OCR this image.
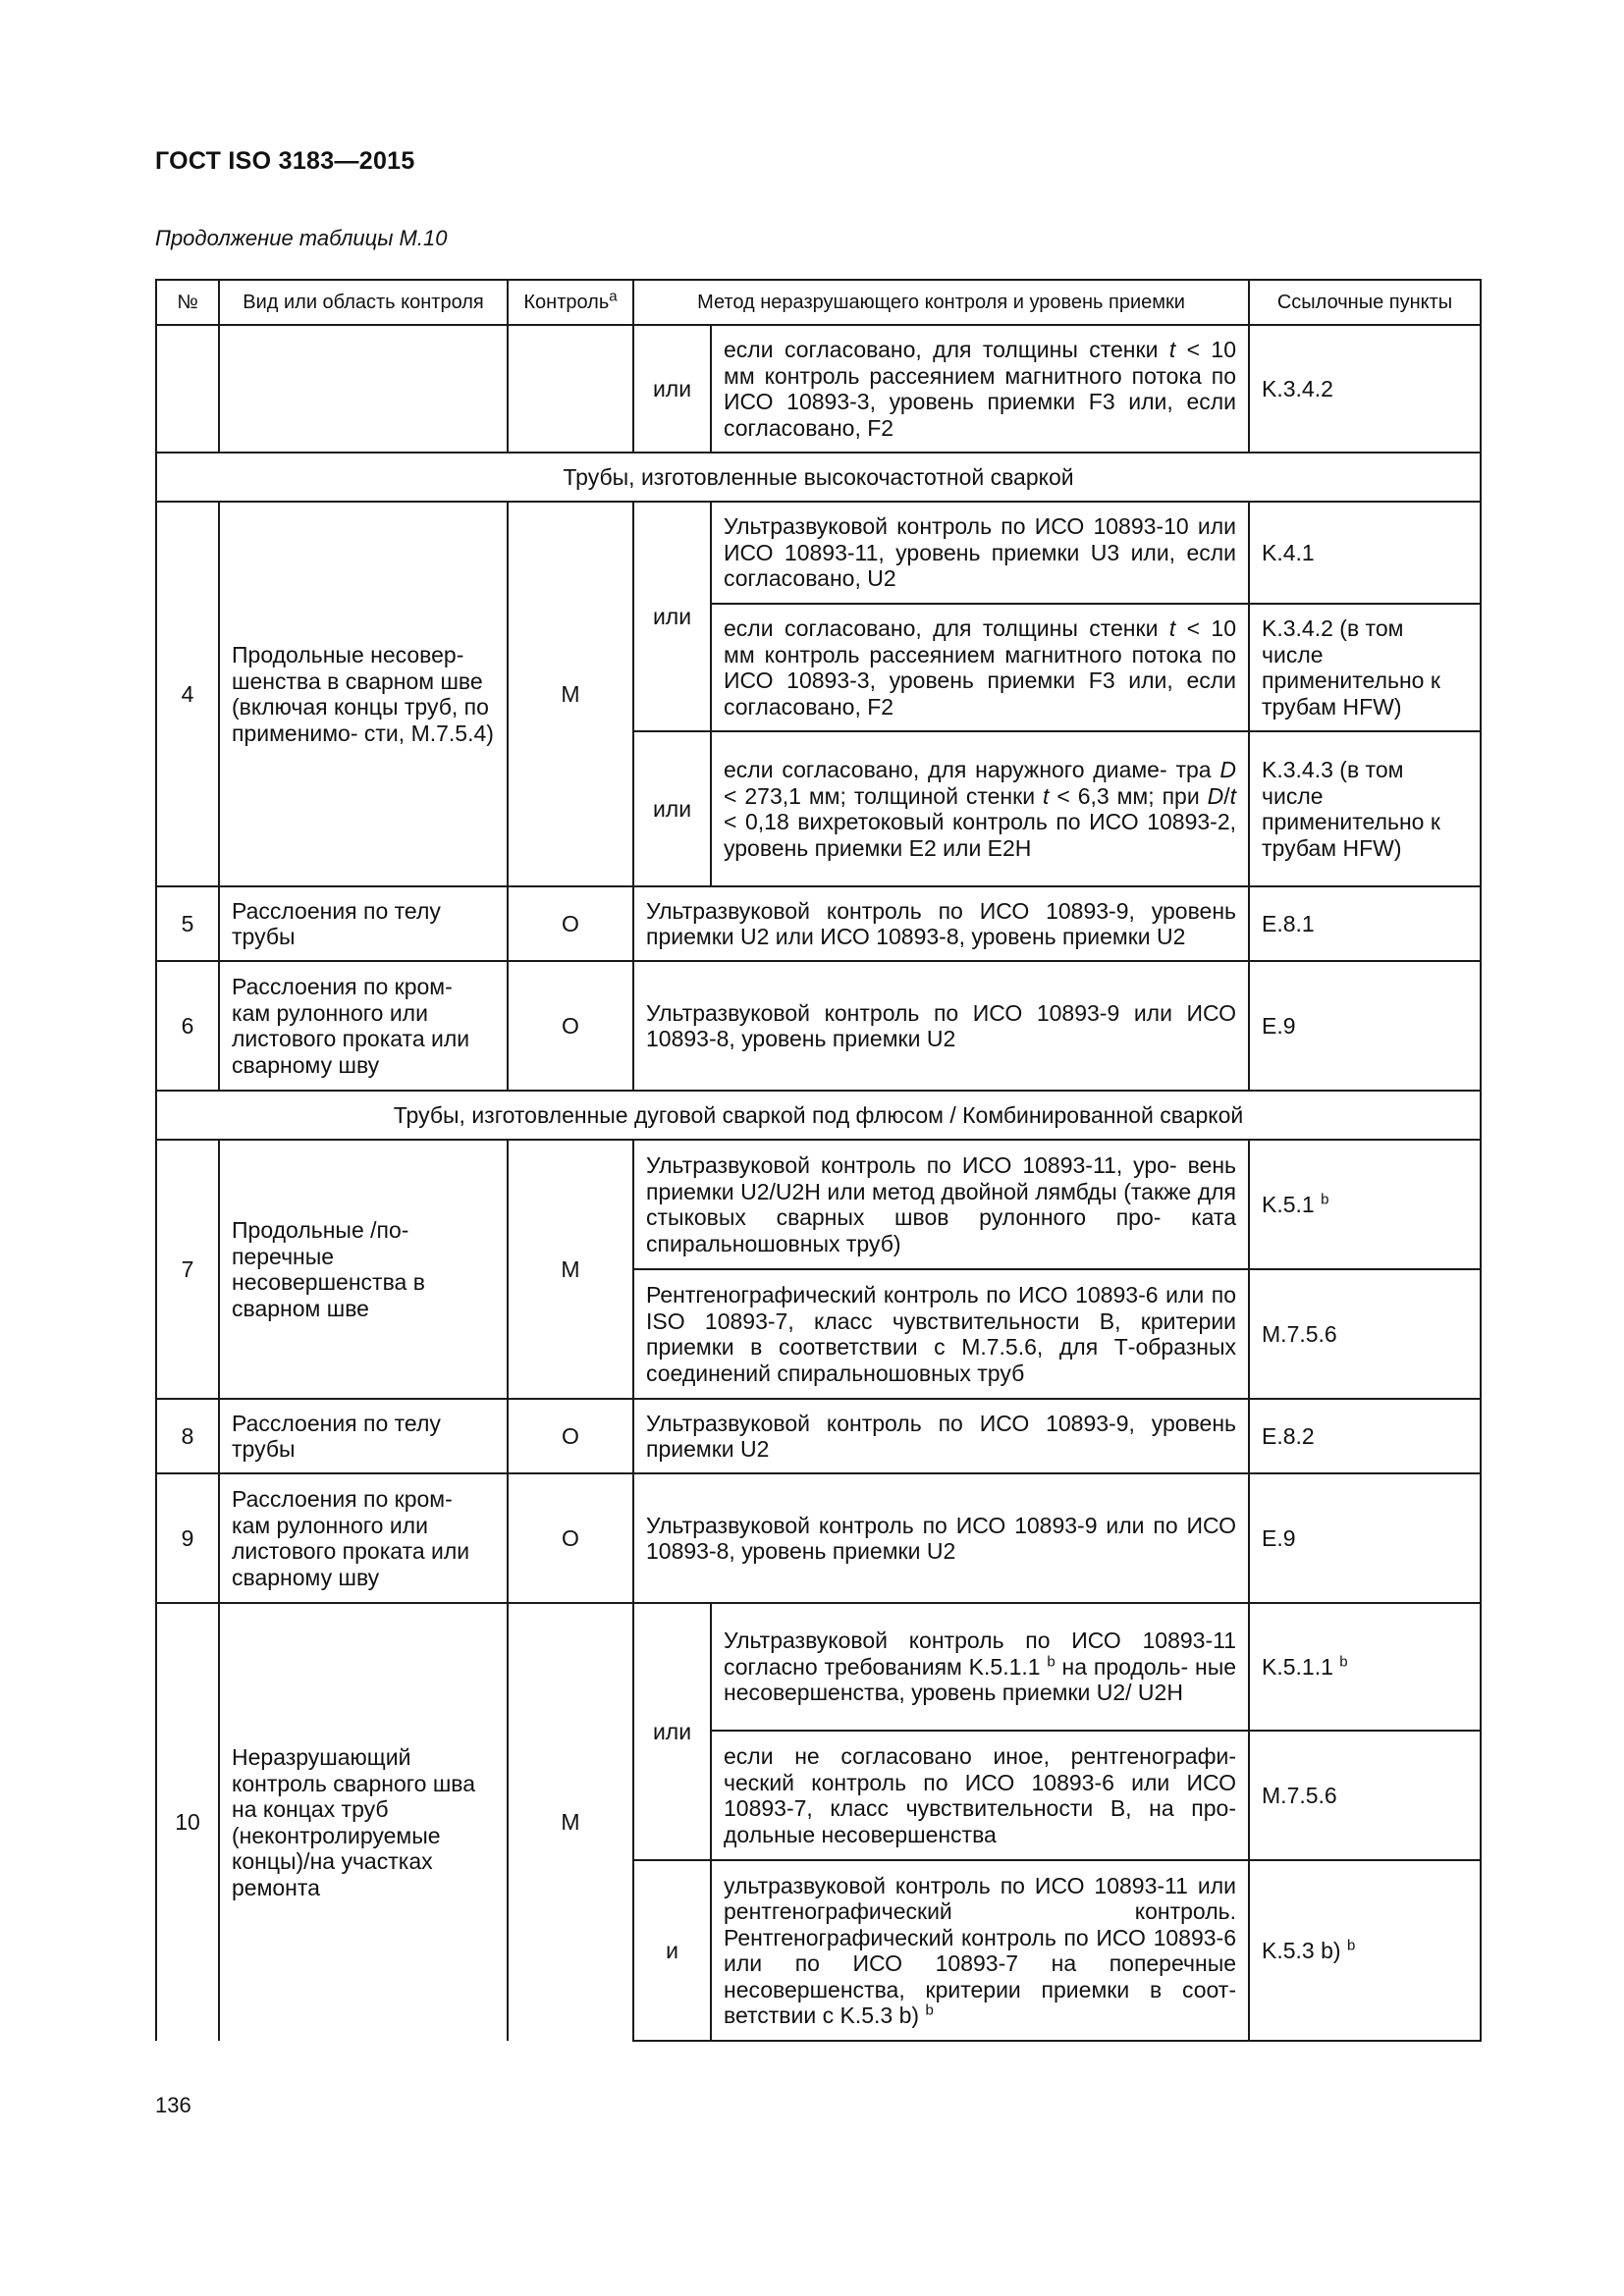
ГОСТ ISO 3183—2015
Продолжение таблицы М.10
№	Вид или область контроля	Контроль$^a$	Метод неразрушающего контроля и уровень приемки		Ссылочные пункты
			или	если согласовано, для толщины стенки t < 10 мм контроль рассеянием магнитного потока по ИСО 10893-3, уровень приемки F3 или, если согласовано, F2	K.3.4.2
Трубы, изготовленные высокочастотной сваркой					
4	Продольные несовер- шенства в сварном шве (включая концы труб, по применимо- сти, М.7.5.4)	М	или	Ультразвуковой контроль по ИСО 10893-10 или ИСО 10893-11, уровень приемки U3 или, если согласовано, U2	K.4.1
				если согласовано, для толщины стенки t < 10 мм контроль рассеянием магнитного потока по ИСО 10893-3, уровень приемки F3 или, если согласовано, F2	K.3.4.2 (в том числе применительно к трубам HFW)
			или	если согласовано, для наружного диаме- тра D < 273,1 мм; толщиной стенки t < 6,3 мм; при D/t < 0,18 вихретоковый контроль по ИСО 10893-2, уровень приемки E2 или E2H	K.3.4.3 (в том числе применительно к трубам HFW)
5	Расслоения по телу трубы	О	Ультразвуковой контроль по ИСО 10893-9, уровень приемки U2 или ИСО 10893-8, уровень приемки U2		E.8.1
6	Расслоения по кром- кам рулонного или листового проката или сварному шву	О	Ультразвуковой контроль по ИСО 10893-9 или ИСО 10893-8, уровень приемки U2		E.9
Трубы, изготовленные дуговой сваркой под флюсом / Комбинированной сваркой					
7	Продольные /по- перечные несовершенства в сварном шве	М	Ультразвуковой контроль по ИСО 10893-11, уро- вень приемки U2/U2H или метод двойной лямбды (также для стыковых сварных швов рулонного про- ката спиральношовных труб)		K.5.1 $^b$
			Рентгенографический контроль по ИСО 10893-6 или по ISO 10893-7, класс чувствительности B, критерии приемки в соответствии с М.7.5.6, для Т-образных соединений спиральношовных труб		М.7.5.6
8	Расслоения по телу трубы	О	Ультразвуковой контроль по ИСО 10893-9, уровень приемки U2		E.8.2
9	Расслоения по кром- кам рулонного или листового проката или сварному шву	О	Ультразвуковой контроль по ИСО 10893-9 или по ИСО 10893-8, уровень приемки U2		E.9
10	Неразрушающий контроль сварного шва на концах труб (неконтролируемые концы)/на участках ремонта	М	или	Ультразвуковой контроль по ИСО 10893-11 согласно требованиям K.5.1.1 $^b$ на продоль- ные несовершенства, уровень приемки U2/ U2H	K.5.1.1 $^b$
				если не согласовано иное, рентгенографи- ческий контроль по ИСО 10893-6 или ИСО 10893-7, класс чувствительности B, на про- дольные несовершенства	М.7.5.6
			и	ультразвуковой контроль по ИСО 10893-11 или рентгенографический контроль. Рентгенографический контроль по ИСО 10893-6 или по ИСО 10893-7 на поперечные несовершенства, критерии приемки в соот- ветствии с K.5.3 b) $^b$	K.5.3 b) $^b$
136
